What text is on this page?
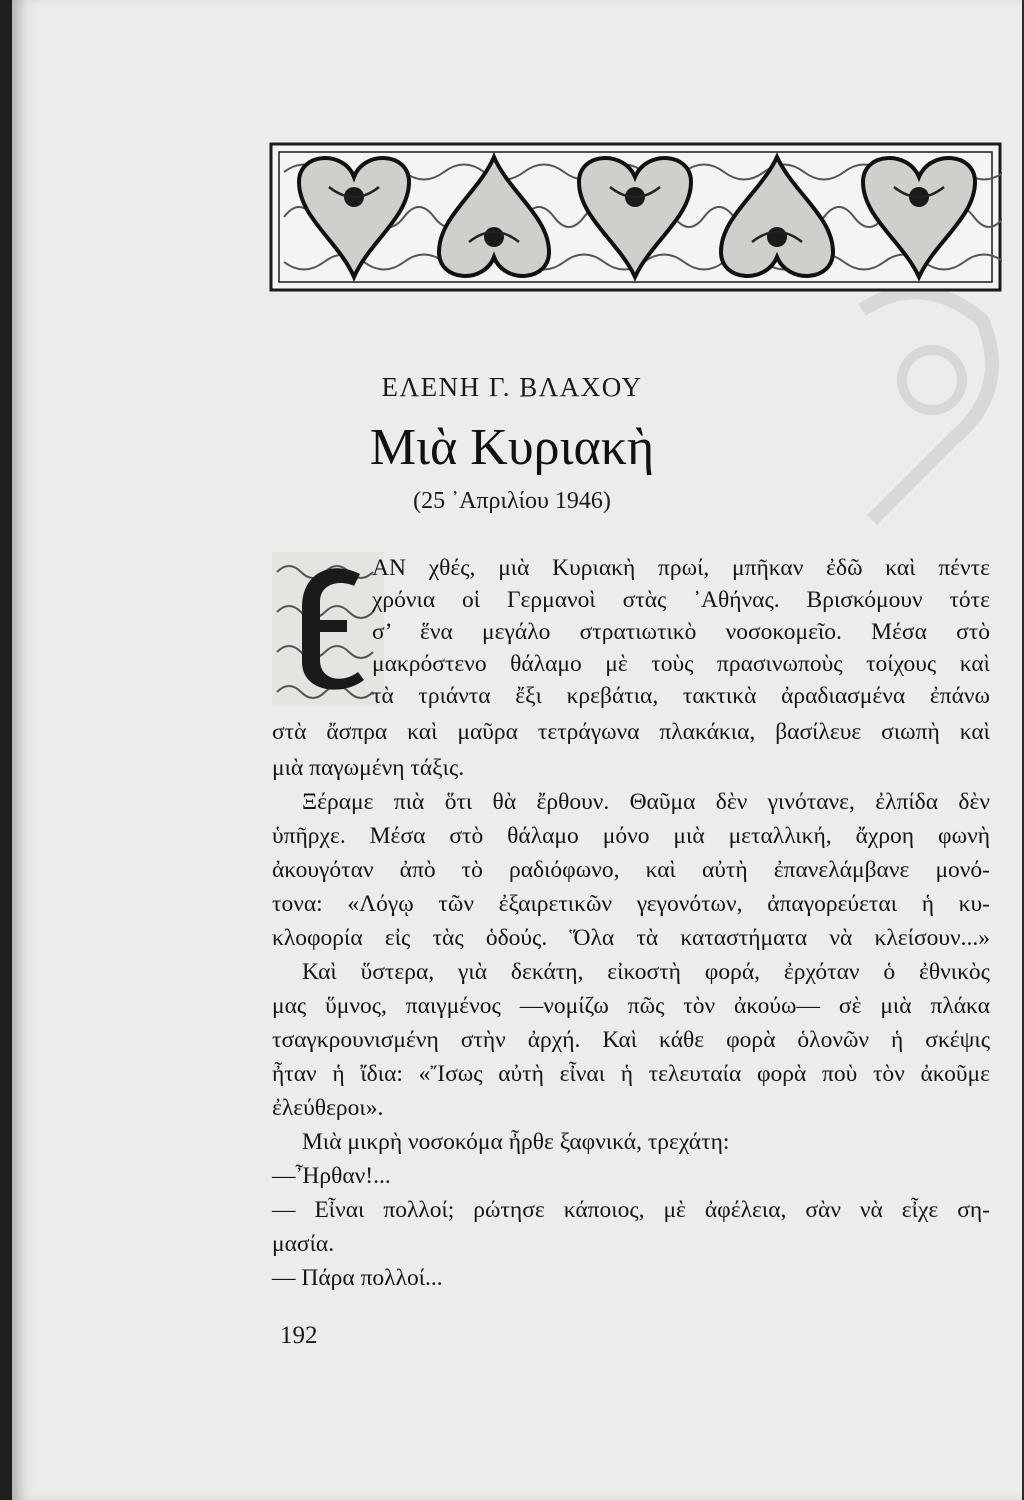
ΕΛΕΝΗ Γ. ΒΛΑΧΟΥ
Μιὰ Κυριακὴ
(25 ᾿Απριλίου 1946)
ΑΝ χθές, μιὰ Κυριακὴ πρωί, μπῆκαν ἐδῶ καὶ πέντε
χρόνια οἱ Γερμανοὶ στὰς ᾿Αθήνας. Βρισκόμουν τότε
σ’ ἕνα μεγάλο στρατιωτικὸ νοσοκομεῖο. Μέσα στὸ
μακρόστενο θάλαμο μὲ τοὺς πρασινωποὺς τοίχους καὶ
τὰ τριάντα ἔξι κρεβάτια, τακτικὰ ἀραδιασμένα ἐπάνω
στὰ ἄσπρα καὶ μαῦρα τετράγωνα πλακάκια, βασίλευε σιωπὴ καὶ
μιὰ παγωμένη τάξις.
Ξέραμε πιὰ ὅτι θὰ ἔρθουν. Θαῦμα δὲν γινότανε, ἐλπίδα δὲν
ὑπῆρχε. Μέσα στὸ θάλαμο μόνο μιὰ μεταλλική, ἄχροη φωνὴ
ἀκουγόταν ἀπὸ τὸ ραδιόφωνο, καὶ αὐτὴ ἐπανελάμβανε μονό-
τονα: «Λόγῳ τῶν ἐξαιρετικῶν γεγονότων, ἀπαγορεύεται ἡ κυ-
κλοφορία εἰς τὰς ὁδούς. Ὅλα τὰ καταστήματα νὰ κλείσουν...»
Καὶ ὕστερα, γιὰ δεκάτη, εἰκοστὴ φορά, ἐρχόταν ὁ ἐθνικὸς
μας ὕμνος, παιγμένος —νομίζω πῶς τὸν ἀκούω— σὲ μιὰ πλάκα
τσαγκρουνισμένη στὴν ἀρχή. Καὶ κάθε φορὰ ὁλονῶν ἡ σκέψις
ἦταν ἡ ἴδια: «Ἴσως αὐτὴ εἶναι ἡ τελευταία φορὰ ποὺ τὸν ἀκοῦμε
ἐλεύθεροι».
Μιὰ μικρὴ νοσοκόμα ἦρθε ξαφνικά, τρεχάτη:
—Ἦρθαν!...
— Εἶναι πολλοί; ρώτησε κάποιος, μὲ ἀφέλεια, σὰν νὰ εἶχε ση-
μασία.
— Πάρα πολλοί...
192
